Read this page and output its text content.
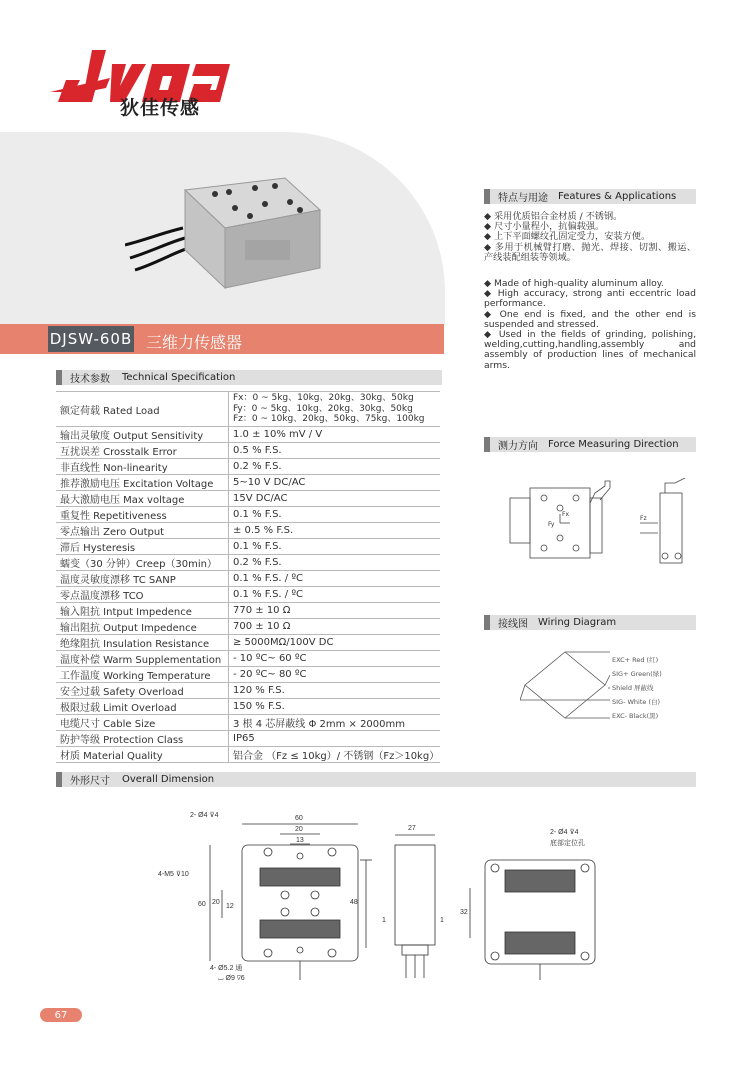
狄佳传感
DJSW-60B 三维力传感器
技术参数 Technical Specification
额定荷载 Rated Load	Fx：0 ~ 5kg、10kg、20kg、30kg、50kg
Fy：0 ~ 5kg、10kg、20kg、30kg、50kg
Fz：0 ~ 10kg、20kg、50kg、75kg、100kg

输出灵敏度 Output Sensitivity	1.0 ± 10% mV / V
互扰误差 Crosstalk Error	0.5 % F.S.
非直线性 Non-linearity	0.2 % F.S.
推荐激励电压 Excitation Voltage	5~10 V DC/AC
最大激励电压 Max voltage	15V DC/AC
重复性 Repetitiveness	0.1 % F.S.
零点输出 Zero Output	± 0.5 % F.S.
滞后 Hysteresis	0.1 % F.S.
蠕变（30 分钟）Creep（30min）	0.2 % F.S.
温度灵敏度漂移 TC SANP	0.1 % F.S. / ºC
零点温度漂移 TCO	0.1 % F.S. / ºC
输入阻抗 Intput Impedence	770 ± 10 Ω
输出阻抗 Output Impedence	700 ± 10 Ω
绝缘阻抗 Insulation Resistance	≥ 5000MΩ/100V DC
温度补偿 Warm Supplementation	- 10 ºC~ 60 ºC
工作温度 Working Temperature	- 20 ºC~ 80 ºC
安全过载 Safety Overload	120 % F.S.
极限过载 Limit Overload	150 % F.S.
电缆尺寸 Cable Size	3 根 4 芯屏蔽线 Φ 2mm × 2000mm
防护等级 Protection Class	IP65
材质 Material Quality	铝合金 （Fz ≤ 10kg）/ 不锈钢（Fz＞10kg）
特点与用途 Features & Applications

◆ 采用优质铝合金材质 / 不锈钢。

◆ 尺寸小量程小，抗偏载强。

◆ 上下平面螺纹孔固定受力，安装方便。

◆ 多用于机械臂打磨、抛光、焊接、切割、搬运、产线装配组装等领域。

◆ Made of high-quality aluminum alloy.

◆ High accuracy, strong anti eccentric load performance.

◆ One end is fixed, and the other end is suspended and stressed.

◆ Used in the fields of grinding, polishing, welding,cutting,handling,assembly and assembly of production lines of mechanical arms.

测力方向 Force Measuring Direction
Fx
Fy
Fz
接线图 Wiring Diagram
EXC+ Red (红)
SIG+ Green(绿)
Shield 屏蔽线
SIG- White (白)
EXC- Black(黑)
外形尺寸 Overall Dimension
2- Ø4 ⊽4	60
20
13
4-M5 ⊽10
60 20
12
48
4- Ø5.2 通
⌴ Ø9 ⊽6
27
1	1
2- Ø4 ⊽4
底部定位孔
32
67
